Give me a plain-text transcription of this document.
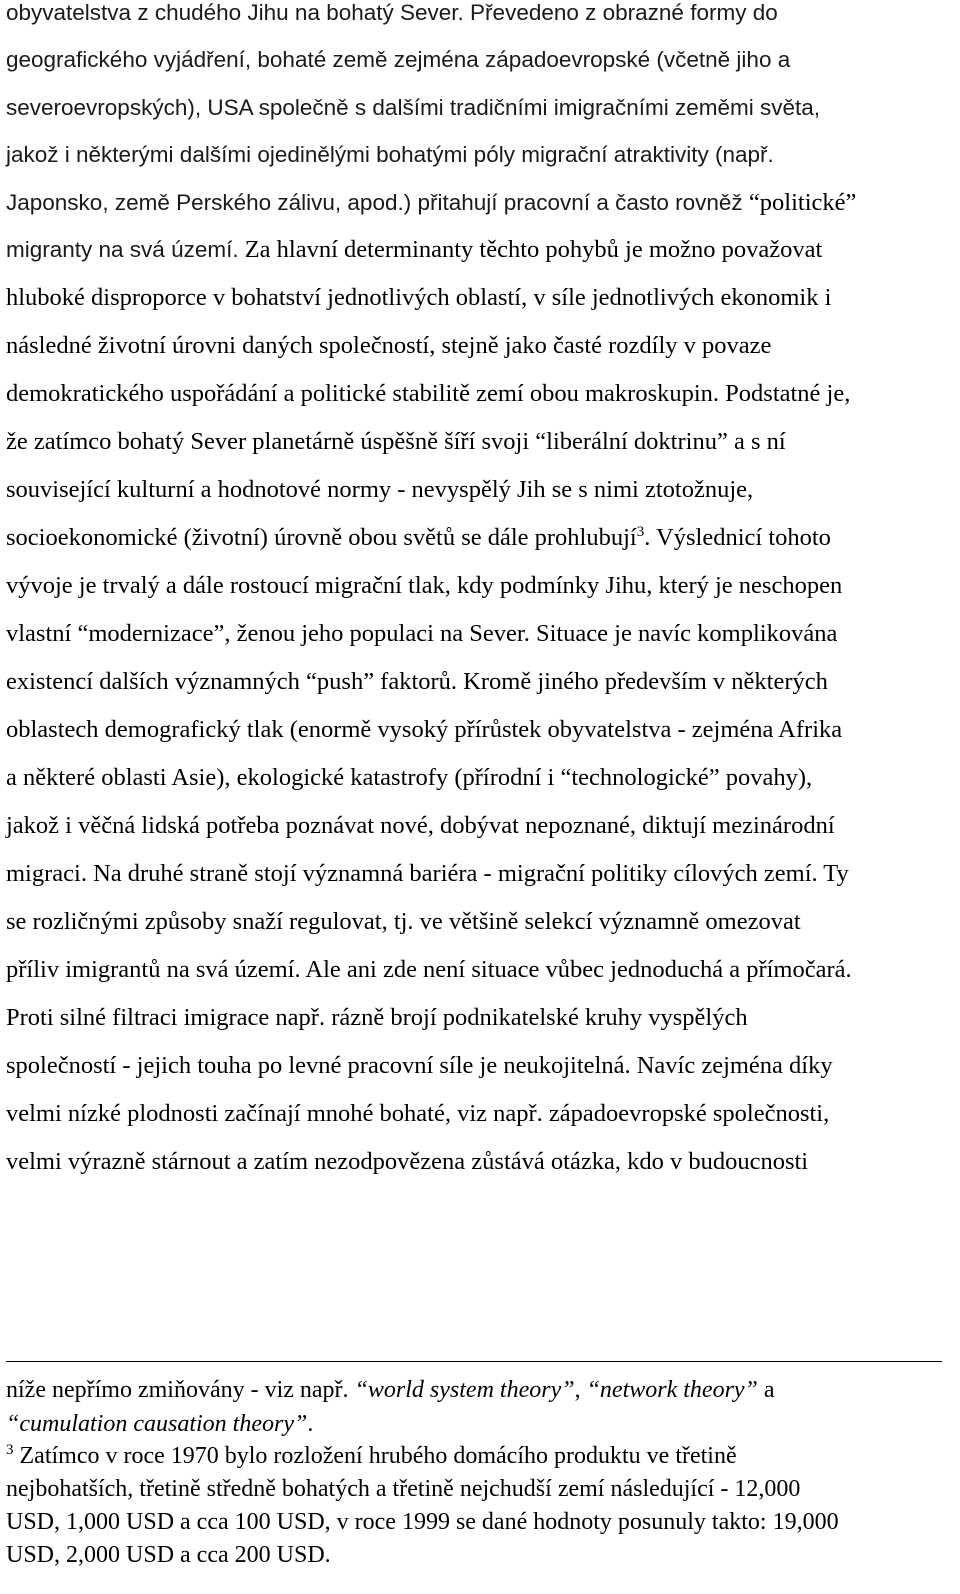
obyvatelstva z chudého Jihu na bohatý Sever. Převedeno z obrazné formy do
geografického vyjádření, bohaté země zejména západoevropské (včetně jiho a
severoevropských), USA společně s dalšími tradičními imigračními zeměmi světa,
jakož i některými dalšími ojedinělými bohatými póly migrační atraktivity (např.
Japonsko, země Perského zálivu, apod.) přitahují pracovní a často rovněž “politické”
migranty na svá území. Za hlavní determinanty těchto pohybů je možno považovat
hluboké disproporce v bohatství jednotlivých oblastí, v síle jednotlivých ekonomik i
následné životní úrovni daných společností, stejně jako časté rozdíly v povaze
demokratického uspořádání a politické stabilitě zemí obou makroskupin. Podstatné je,
že zatímco bohatý Sever planetárně úspěšně šíří svoji “liberální doktrinu” a s ní
související kulturní a hodnotové normy - nevyspělý Jih se s nimi ztotožnuje,
socioekonomické (životní) úrovně obou světů se dále prohlubují$^3$. Výslednicí tohoto
vývoje je trvalý a dále rostoucí migrační tlak, kdy podmínky Jihu, který je neschopen
vlastní “modernizace”, ženou jeho populaci na Sever. Situace je navíc komplikována
existencí dalších významných “push” faktorů. Kromě jiného především v některých
oblastech demografický tlak (enormě vysoký přírůstek obyvatelstva - zejména Afrika
a některé oblasti Asie), ekologické katastrofy (přírodní i “technologické” povahy),
jakož i věčná lidská potřeba poznávat nové, dobývat nepoznané, diktují mezinárodní
migraci. Na druhé straně stojí významná bariéra - migrační politiky cílových zemí. Ty
se rozličnými způsoby snaží regulovat, tj. ve většině selekcí významně omezovat
příliv imigrantů na svá území. Ale ani zde není situace vůbec jednoduchá a přímočará.
Proti silné filtraci imigrace např. rázně brojí podnikatelské kruhy vyspělých
společností - jejich touha po levné pracovní síle je neukojitelná. Navíc zejména díky
velmi nízké plodnosti začínají mnohé bohaté, viz např. západoevropské společnosti,
velmi výrazně stárnout a zatím nezodpovězena zůstává otázka, kdo v budoucnosti
níže nepřímo zmiňovány - viz např. “world system theory”, “network theory” a
“cumulation causation theory”.
$^3$ Zatímco v roce 1970 bylo rozložení hrubého domácího produktu ve třetině
nejbohatších, třetině středně bohatých a třetině nejchudší zemí následující - 12,000
USD, 1,000 USD a cca 100 USD, v roce 1999 se dané hodnoty posunuly takto: 19,000
USD, 2,000 USD a cca 200 USD.
